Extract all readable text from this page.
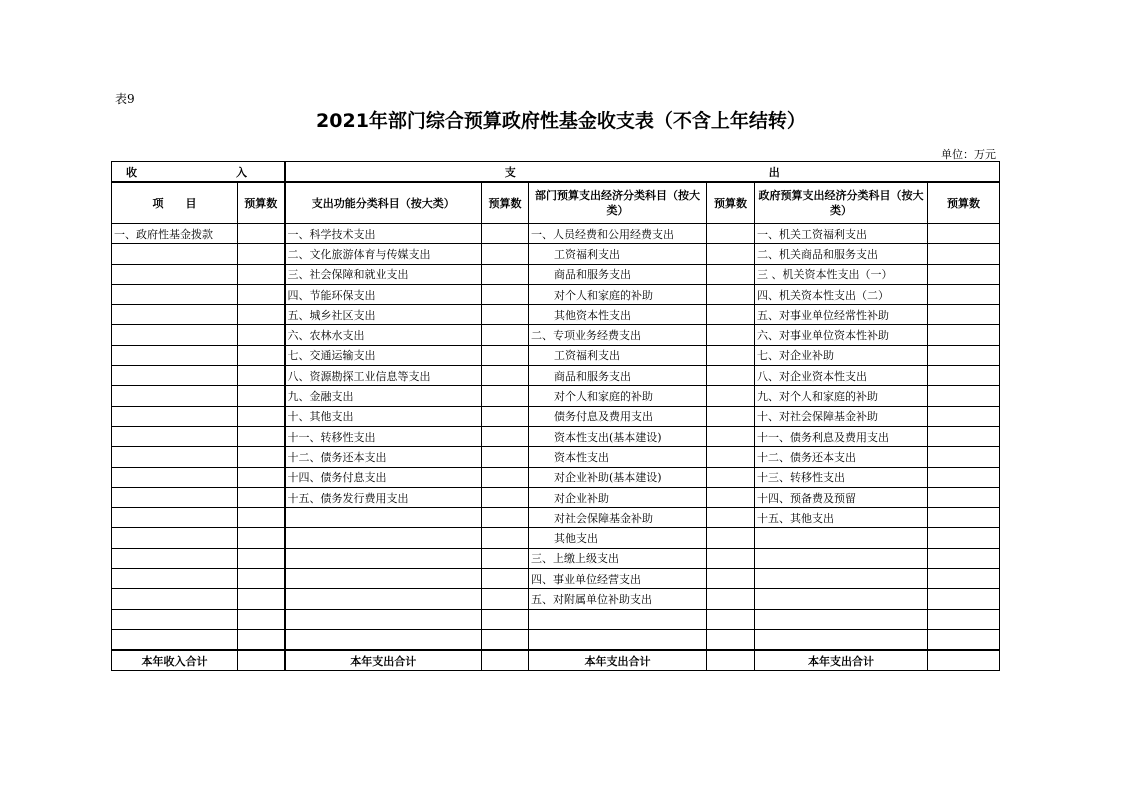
表9
2021年部门综合预算政府性基金收支表（不含上年结转）
单位：万元
收　　　　　　　　　入		支　　　　　　　　　　　　　　　　　　　　　　　出					
项　　目	预算数	支出功能分类科目（按大类）	预算数	部门预算支出经济分类科目（按大类）	预算数	政府预算支出经济分类科目（按大类）	预算数
一、政府性基金拨款		一、科学技术支出		一、人员经费和公用经费支出		一、机关工资福利支出	
		二、文化旅游体育与传媒支出		工资福利支出		二、机关商品和服务支出	
		三、社会保障和就业支出		商品和服务支出		三 、机关资本性支出（一）	
		四、节能环保支出		对个人和家庭的补助		四、机关资本性支出（二）	
		五、城乡社区支出		其他资本性支出		五、对事业单位经常性补助	
		六、农林水支出		二、专项业务经费支出		六、对事业单位资本性补助	
		七、交通运输支出		工资福利支出		七、对企业补助	
		八、资源勘探工业信息等支出		商品和服务支出		八、对企业资本性支出	
		九、金融支出		对个人和家庭的补助		九、对个人和家庭的补助	
		十、其他支出		债务付息及费用支出		十、对社会保障基金补助	
		十一、转移性支出		资本性支出(基本建设)		十一、债务利息及费用支出	
		十二、债务还本支出		资本性支出		十二、债务还本支出	
		十四、债务付息支出		对企业补助(基本建设)		十三、转移性支出	
		十五、债务发行费用支出		对企业补助		十四、预备费及预留	
				对社会保障基金补助		十五、其他支出	
				其他支出			
				三、上缴上级支出			
				四、事业单位经营支出			
				五、对附属单位补助支出			

本年收入合计		本年支出合计		本年支出合计		本年支出合计	
